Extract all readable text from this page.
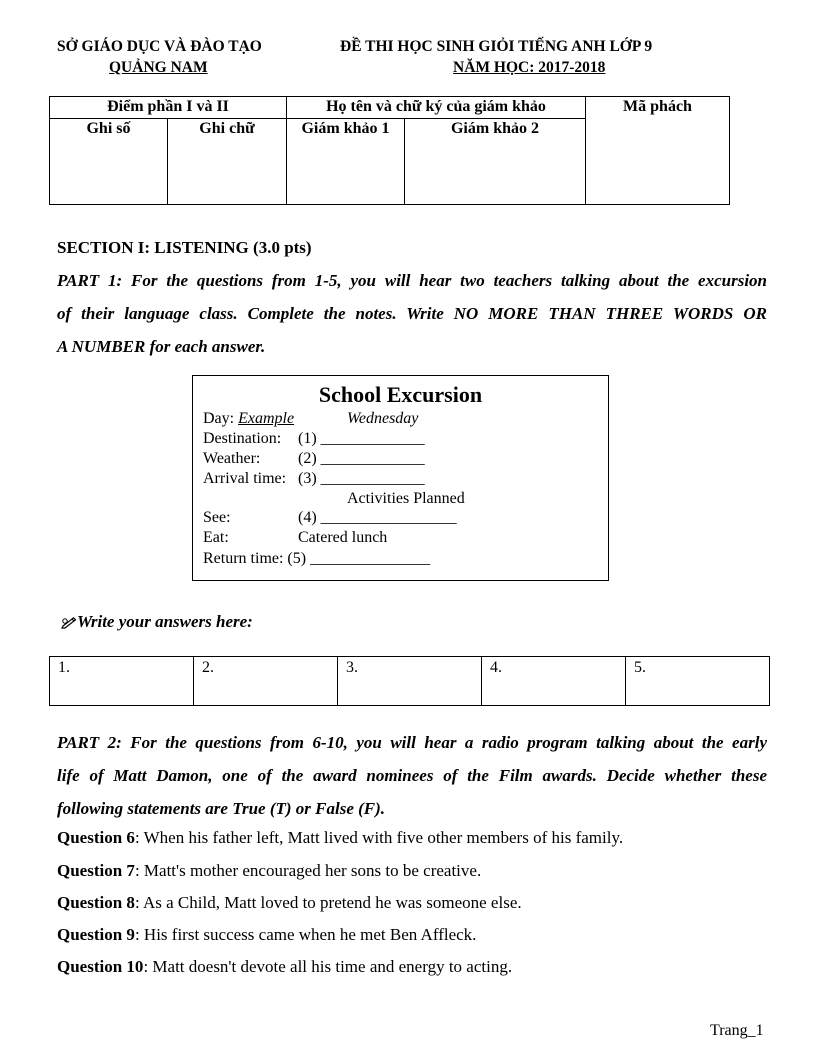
SỞ GIÁO DỤC VÀ ĐÀO TẠO
QUẢNG NAM
ĐỀ THI HỌC SINH GIỎI TIẾNG ANH LỚP 9
NĂM HỌC: 2017-2018
Điểm phần I và II		Họ tên và chữ ký của giám khảo		Mã phách
Ghi số	Ghi chữ	Giám khảo 1	Giám khảo 2	
SECTION I: LISTENING (3.0 pts)
PART 1: For the questions from 1-5, you will hear two teachers talking about the excursion
of their language class. Complete the notes. Write NO MORE THAN THREE WORDS OR
A NUMBER for each answer.
School Excursion
Day: Example	Wednesday
Destination: (1) _____________
Weather: (2) _____________
Arrival time: (3) _____________
Activities Planned
See:	(4) _________________
Eat:	Catered lunch
Return time: (5) _______________
Write your answers here:
1.	2.	3.	4.	5.
PART 2: For the questions from 6-10, you will hear a radio program talking about the early
life of Matt Damon, one of the award nominees of the Film awards. Decide whether these
following statements are True (T) or False (F).
Question 6: When his father left, Matt lived with five other members of his family.
Question 7: Matt's mother encouraged her sons to be creative.
Question 8: As a Child, Matt loved to pretend he was someone else.
Question 9: His first success came when he met Ben Affleck.
Question 10: Matt doesn't devote all his time and energy to acting.
Trang_1
